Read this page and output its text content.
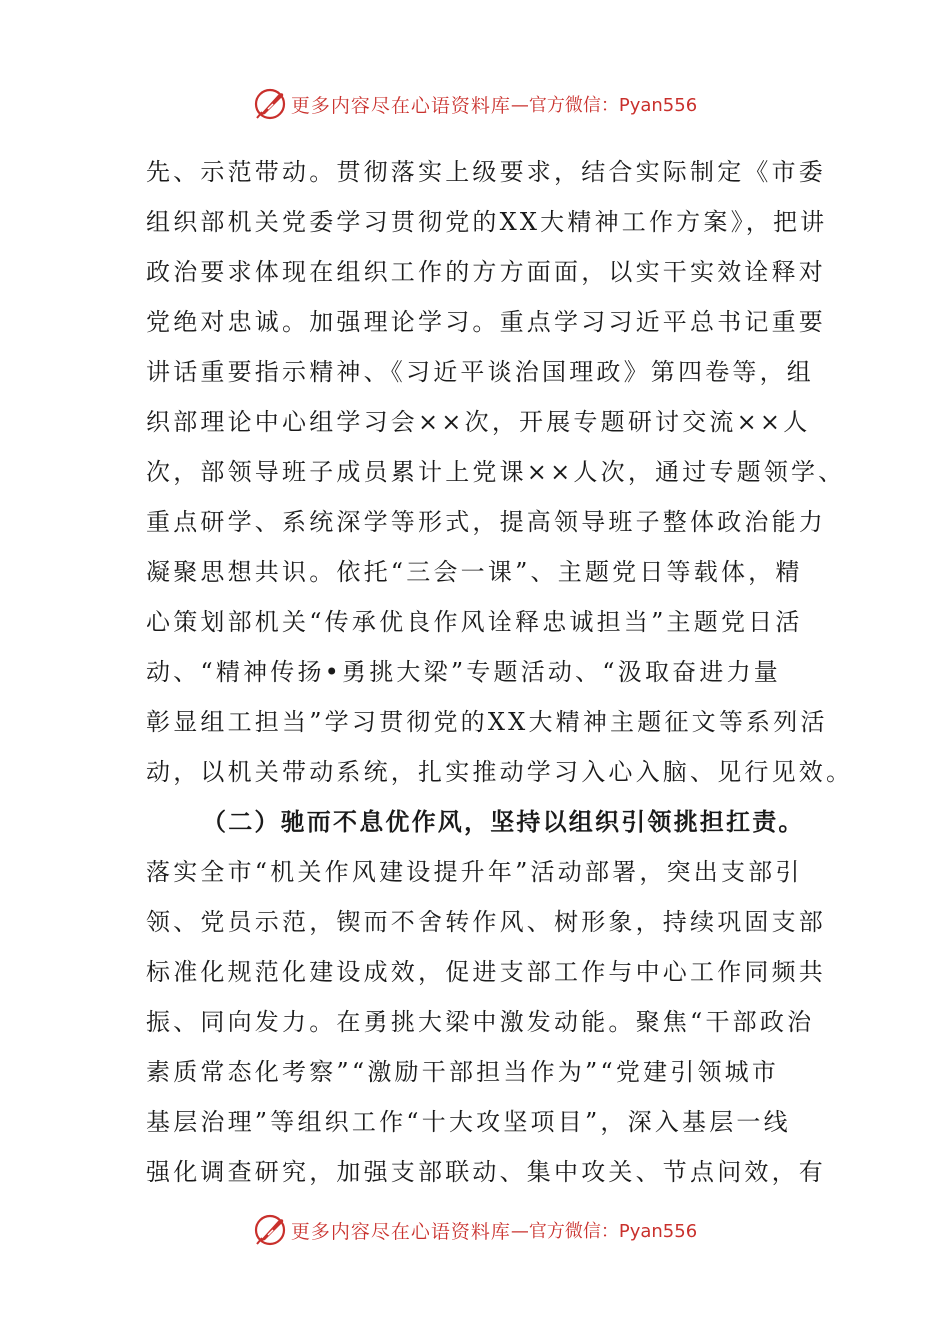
更多内容尽在心语资料库 —官方微信：Pyan556
先、示范带动。贯彻落实上级要求，结合实际制定《市委
组织部机关党委学习贯彻党的XX大精神工作方案》，把讲
政治要求体现在组织工作的方方面面，以实干实效诠释对
党绝对忠诚。加强理论学习。重点学习习近平总书记重要
讲话重要指示精神、《习近平谈治国理政》第四卷等，组
织部理论中心组学习会××次，开展专题研讨交流××人
次，部领导班子成员累计上党课××人次，通过专题领学、
重点研学、系统深学等形式，提高领导班子整体政治能力
凝聚思想共识。依托“三会一课”、主题党日等载体，精
心策划部机关“传承优良作风诠释忠诚担当”主题党日活
动、“精神传扬•勇挑大梁”专题活动、“汲取奋进力量
彰显组工担当”学习贯彻党的XX大精神主题征文等系列活
动，以机关带动系统，扎实推动学习入心入脑、见行见效。
（二）驰而不息优作风，坚持以组织引领挑担扛责。
落实全市“机关作风建设提升年”活动部署，突出支部引
领、党员示范，锲而不舍转作风、树形象，持续巩固支部
标准化规范化建设成效，促进支部工作与中心工作同频共
振、同向发力。在勇挑大梁中激发动能。聚焦“干部政治
素质常态化考察”“激励干部担当作为”“党建引领城市
基层治理”等组织工作“十大攻坚项目”，深入基层一线
强化调查研究，加强支部联动、集中攻关、节点问效，有
更多内容尽在心语资料库 —官方微信：Pyan556
